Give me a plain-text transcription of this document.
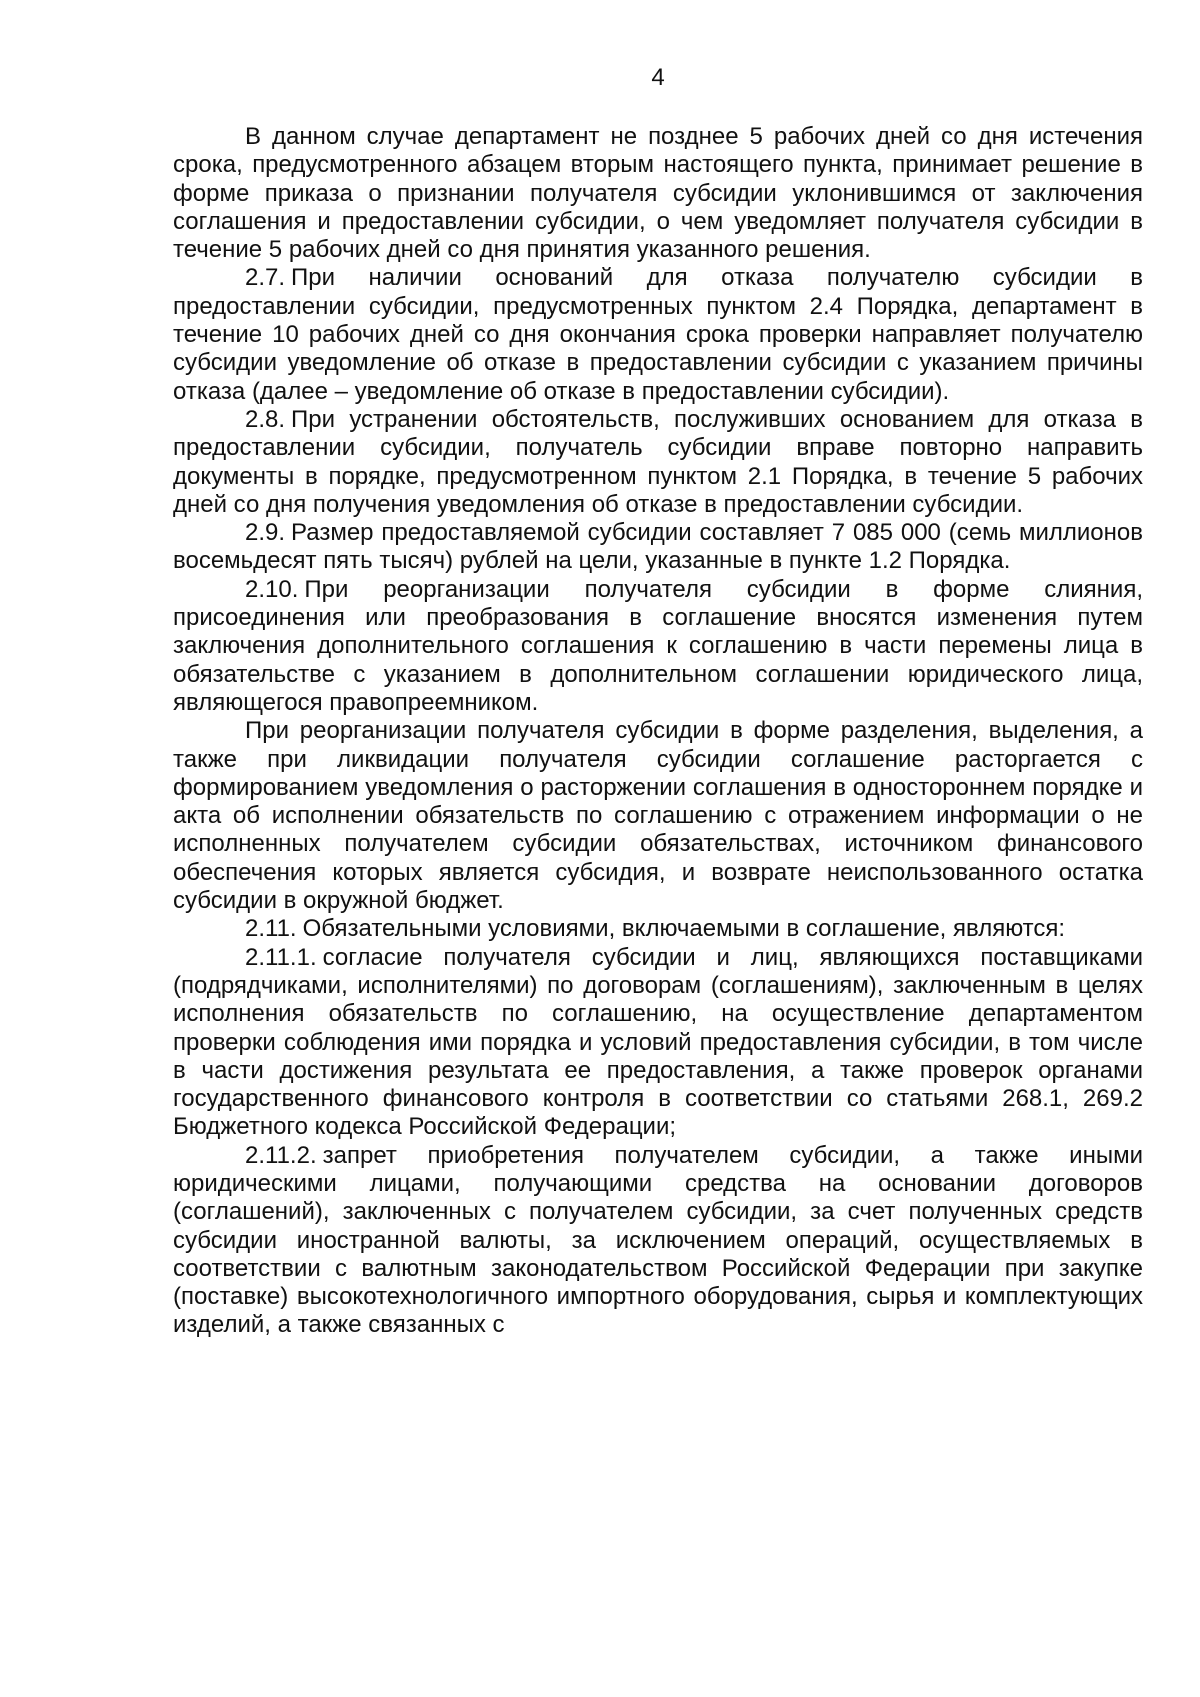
4

В данном случае департамент не позднее 5 рабочих дней со дня истечения срока, предусмотренного абзацем вторым настоящего пункта, принимает решение в форме приказа о признании получателя субсидии уклонившимся от заключения соглашения и предоставлении субсидии, о чем уведомляет получателя субсидии в течение 5 рабочих дней со дня принятия указанного решения.

2.7. При наличии оснований для отказа получателю субсидии в предоставлении субсидии, предусмотренных пунктом 2.4 Порядка, департамент в течение 10 рабочих дней со дня окончания срока проверки направляет получателю субсидии уведомление об отказе в предоставлении субсидии с указанием причины отказа (далее – уведомление об отказе в предоставлении субсидии).

2.8. При устранении обстоятельств, послуживших основанием для отказа в предоставлении субсидии, получатель субсидии вправе повторно направить документы в порядке, предусмотренном пунктом 2.1 Порядка, в течение 5 рабочих дней со дня получения уведомления об отказе в предоставлении субсидии.

2.9. Размер предоставляемой субсидии составляет 7 085 000 (семь миллионов восемьдесят пять тысяч) рублей на цели, указанные в пункте 1.2 Порядка.

2.10. При реорганизации получателя субсидии в форме слияния, присоединения или преобразования в соглашение вносятся изменения путем заключения дополнительного соглашения к соглашению в части перемены лица в обязательстве с указанием в дополнительном соглашении юридического лица, являющегося правопреемником.

При реорганизации получателя субсидии в форме разделения, выделения, а также при ликвидации получателя субсидии соглашение расторгается с формированием уведомления о расторжении соглашения в одностороннем порядке и акта об исполнении обязательств по соглашению с отражением информации о не исполненных получателем субсидии обязательствах, источником финансового обеспечения которых является субсидия, и возврате неиспользованного остатка субсидии в окружной бюджет.

2.11. Обязательными условиями, включаемыми в соглашение, являются:

2.11.1. согласие получателя субсидии и лиц, являющихся поставщиками (подрядчиками, исполнителями) по договорам (соглашениям), заключенным в целях исполнения обязательств по соглашению, на осуществление департаментом проверки соблюдения ими порядка и условий предоставления субсидии, в том числе в части достижения результата ее предоставления, а также проверок органами государственного финансового контроля в соответствии со статьями 268.1, 269.2 Бюджетного кодекса Российской Федерации;

2.11.2. запрет приобретения получателем субсидии, а также иными юридическими лицами, получающими средства на основании договоров (соглашений), заключенных с получателем субсидии, за счет полученных средств субсидии иностранной валюты, за исключением операций, осуществляемых в соответствии с валютным законодательством Российской Федерации при закупке (поставке) высокотехнологичного импортного оборудования, сырья и комплектующих изделий, а также связанных с
